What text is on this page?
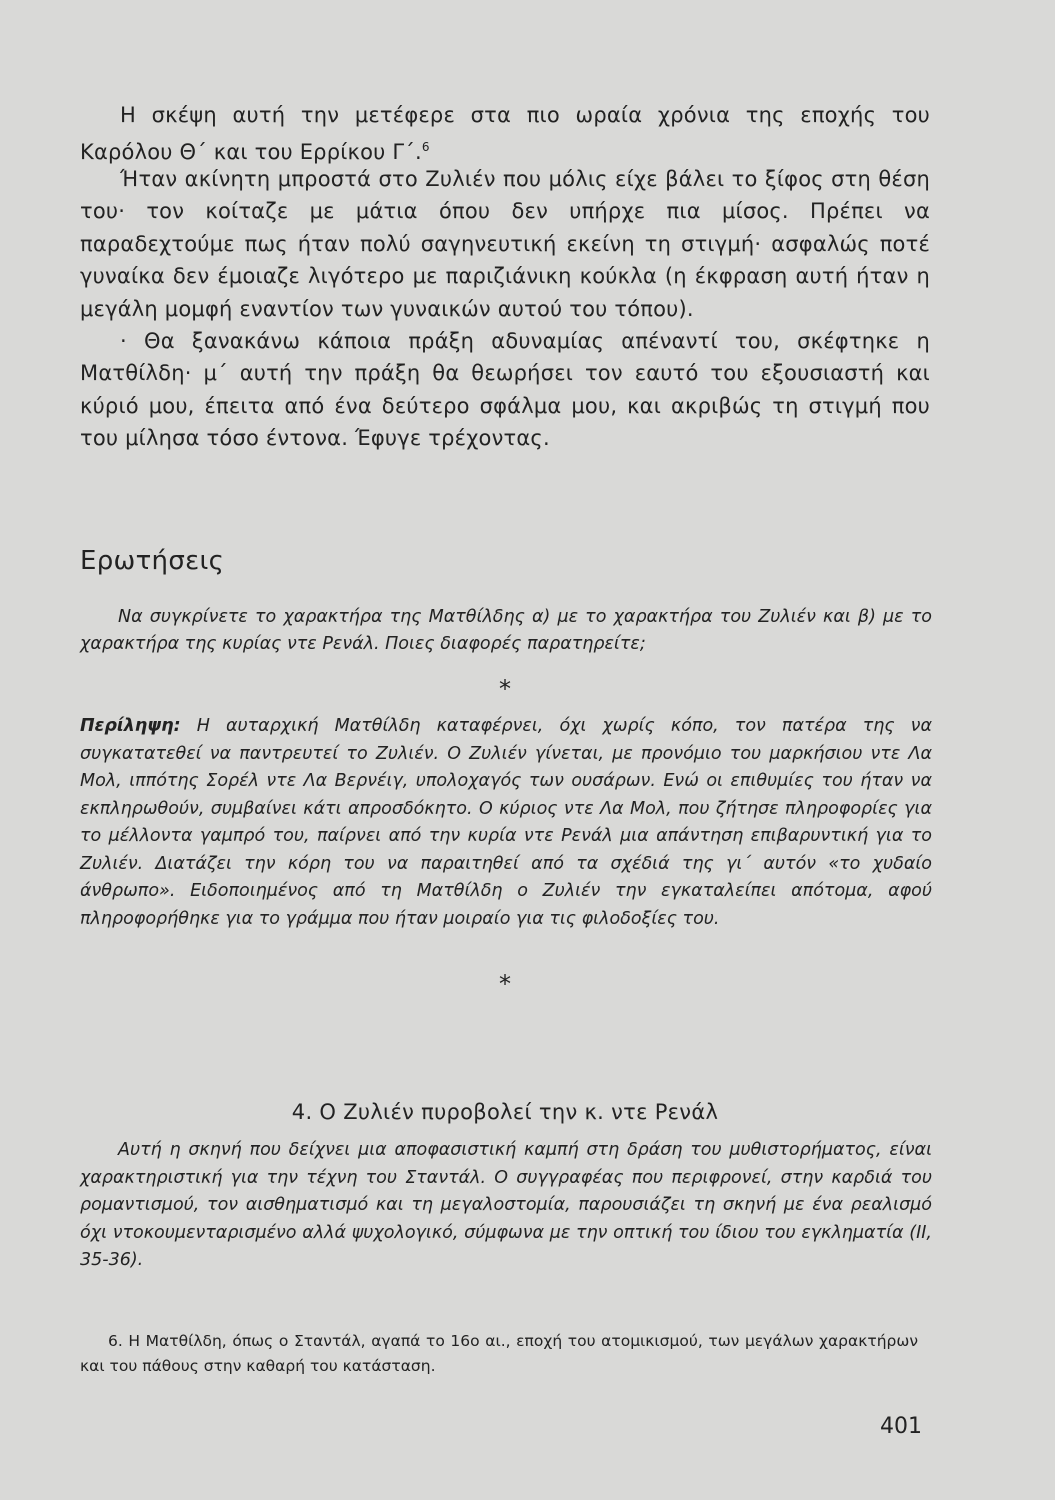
Η σκέψη αυτή την μετέφερε στα πιο ωραία χρόνια της εποχής του Καρόλου Θ΄ και του Ερρίκου Γ΄.$^6$

Ήταν ακίνητη μπροστά στο Ζυλιέν που μόλις είχε βάλει το ξίφος στη θέση του· τον κοίταζε με μάτια όπου δεν υπήρχε πια μίσος. Πρέπει να παραδεχτούμε πως ήταν πολύ σαγηνευτική εκείνη τη στιγμή· ασφαλώς ποτέ γυναίκα δεν έμοιαζε λιγότερο με παριζιάνικη κούκλα (η έκφραση αυτή ήταν η μεγάλη μομφή εναντίον των γυναικών αυτού του τόπου).

· Θα ξανακάνω κάποια πράξη αδυναμίας απέναντί του, σκέφτηκε η Ματθίλδη· μ΄ αυτή την πράξη θα θεωρήσει τον εαυτό του εξουσιαστή και κύριό μου, έπειτα από ένα δεύτερο σφάλμα μου, και ακριβώς τη στιγμή που του μίλησα τόσο έντονα. Έφυγε τρέχοντας.

Ερωτήσεις

Να συγκρίνετε το χαρακτήρα της Ματθίλδης α) με το χαρακτήρα του Ζυλιέν και β) με το χαρακτήρα της κυρίας ντε Ρενάλ. Ποιες διαφορές παρατηρείτε;

*

Περίληψη: Η αυταρχική Ματθίλδη καταφέρνει, όχι χωρίς κόπο, τον πατέρα της να συγκατατεθεί να παντρευτεί το Ζυλιέν. Ο Ζυλιέν γίνεται, με προνόμιο του μαρκήσιου ντε Λα Μολ, ιππότης Σορέλ ντε Λα Βερνέιγ, υπολοχαγός των ουσάρων. Ενώ οι επιθυμίες του ήταν να εκπληρωθούν, συμβαίνει κάτι απροσδόκητο. Ο κύριος ντε Λα Μολ, που ζήτησε πληροφορίες για το μέλλοντα γαμπρό του, παίρνει από την κυρία ντε Ρενάλ μια απάντηση επιβαρυντική για το Ζυλιέν. Διατάζει την κόρη του να παραιτηθεί από τα σχέδιά της γι΄ αυτόν «το χυδαίο άνθρωπο». Ειδοποιημένος από τη Ματθίλδη ο Ζυλιέν την εγκαταλείπει απότομα, αφού πληροφορήθηκε για το γράμμα που ήταν μοιραίο για τις φιλοδοξίες του.

*

4. Ο Ζυλιέν πυροβολεί την κ. ντε Ρενάλ

Αυτή η σκηνή που δείχνει μια αποφασιστική καμπή στη δράση του μυθιστορήματος, είναι χαρακτηριστική για την τέχνη του Σταντάλ. Ο συγγραφέας που περιφρονεί, στην καρδιά του ρομαντισμού, τον αισθηματισμό και τη μεγαλοστομία, παρουσιάζει τη σκηνή με ένα ρεαλισμό όχι ντοκουμενταρισμένο αλλά ψυχολογικό, σύμφωνα με την οπτική του ίδιου του εγκληματία (II, 35-36).

6. Η Ματθίλδη, όπως ο Σταντάλ, αγαπά το 16ο αι., εποχή του ατομικισμού, των μεγάλων χαρακτήρων και του πάθους στην καθαρή του κατάσταση.

401
